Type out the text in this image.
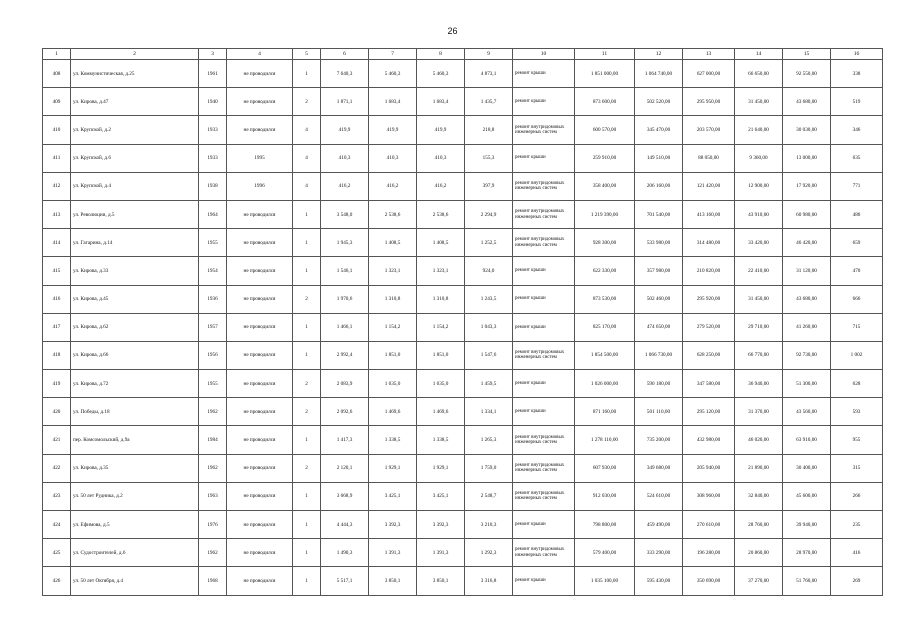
26
1	2	3	4	5	6	7	8	9	10	11	12	13	14	15	16
408	ул. Коммунистическая, д.25	1961	не проводился	1	7 640,3	5 460,3	5 460,3	4 873,1	ремонт крыши	1 851 000,00	1 064 740,00	627 000,00	66 650,00	92 550,00	338
409	ул. Кирова, д.47	1940	не проводился	2	1 871,1	1 683,4	1 683,4	1 435,7	ремонт крыши	873 600,00	502 520,00	295 950,00	31 450,00	43 680,00	519
410	ул. Крупской, д.2	1933	не проводился	4	419,9	419,9	419,9	218,8	ремонт внутридомовых инженерных систем	600 570,00	345 470,00	203 570,00	21 640,00	30 030,00	346
411	ул. Крупской, д.6	1933	1995	4	410,3	410,3	410,3	155,3	ремонт крыши	259 910,00	149 510,00	88 050,00	9 360,00	13 000,00	635
412	ул. Крупской, д.4	1938	1996	4	416,2	416,2	416,2	397,9	ремонт внутридомовых инженерных систем	358 400,00	206 160,00	121 420,00	12 900,00	17 920,00	771
413	ул. Революции, д.5	1964	не проводился	1	3 548,0	2 538,6	2 538,6	2 294,9	ремонт внутридомовых инженерных систем	1 219 390,00	701 540,00	413 160,00	43 910,00	60 980,00	480
414	ул. Гагарина, д.14	1955	не проводился	1	1 945,3	1 408,5	1 408,5	1 252,5	ремонт внутридомовых инженерных систем	928 300,00	533 980,00	314 480,00	33 420,00	46 420,00	659
415	ул. Кирова, д.33	1954	не проводился	1	1 546,1	1 323,1	1 323,1	924,0	ремонт крыши	622 330,00	357 980,00	210 820,00	22 410,00	31 120,00	470
416	ул. Кирова, д.45	1936	не проводился	2	1 970,6	1 310,8	1 310,8	1 243,5	ремонт крыши	873 530,00	502 460,00	295 920,00	31 450,00	43 680,00	666
417	ул. Кирова, д.62	1957	не проводился	1	1 466,1	1 154,2	1 154,2	1 043,3	ремонт крыши	825 170,00	474 650,00	279 520,00	29 710,00	41 260,00	715
418	ул. Кирова, д.66	1956	не проводился	1	2 992,4	1 851,0	1 851,0	1 547,6	ремонт внутридомовых инженерных систем	1 854 500,00	1 066 730,00	628 250,00	66 770,00	92 730,00	1 002
419	ул. Кирова, д.72	1955	не проводился	2	2 083,9	1 635,0	1 635,0	1 459,5	ремонт крыши	1 026 000,00	590 180,00	347 580,00	36 940,00	51 300,00	628
420	ул. Победы, д.18	1962	не проводился	2	2 092,6	1 469,6	1 469,6	1 334,1	ремонт крыши	871 160,00	501 110,00	295 120,00	31 370,00	43 560,00	593
421	пер. Комсомольский, д.9а	1984	не проводился	1	1 417,3	1 338,5	1 338,5	1 265,3	ремонт внутридомовых инженерных систем	1 278 110,00	735 200,00	432 980,00	46 020,00	63 910,00	955
422	ул. Кирова, д.35	1962	не проводился	2	2 120,1	1 929,1	1 929,1	1 759,0	ремонт внутридомовых инженерных систем	607 930,00	349 680,00	205 940,00	21 890,00	30 400,00	315
423	ул. 50 лет Рудника, д.2	1963	не проводился	1	3 668,9	3 425,1	3 425,1	2 548,7	ремонт внутридомовых инженерных систем	912 030,00	524 610,00	308 960,00	32 840,00	45 600,00	266
424	ул. Ефимова, д.5	1976	не проводился	1	4 444,3	3 392,3	3 392,3	3 210,3	ремонт крыши	798 800,00	459 490,00	270 610,00	28 760,00	39 940,00	235
425	ул. Судостроителей, д.6	1962	не проводился	1	1 490,3	1 391,3	1 391,3	1 292,3	ремонт внутридомовых инженерных систем	579 400,00	333 290,00	196 280,00	20 860,00	28 970,00	416
426	ул. 50 лет Октября, д.4	1968	не проводился	1	5 517,1	3 850,1	3 850,1	3 316,8	ремонт крыши	1 035 100,00	595 430,00	350 690,00	37 270,00	51 760,00	269
